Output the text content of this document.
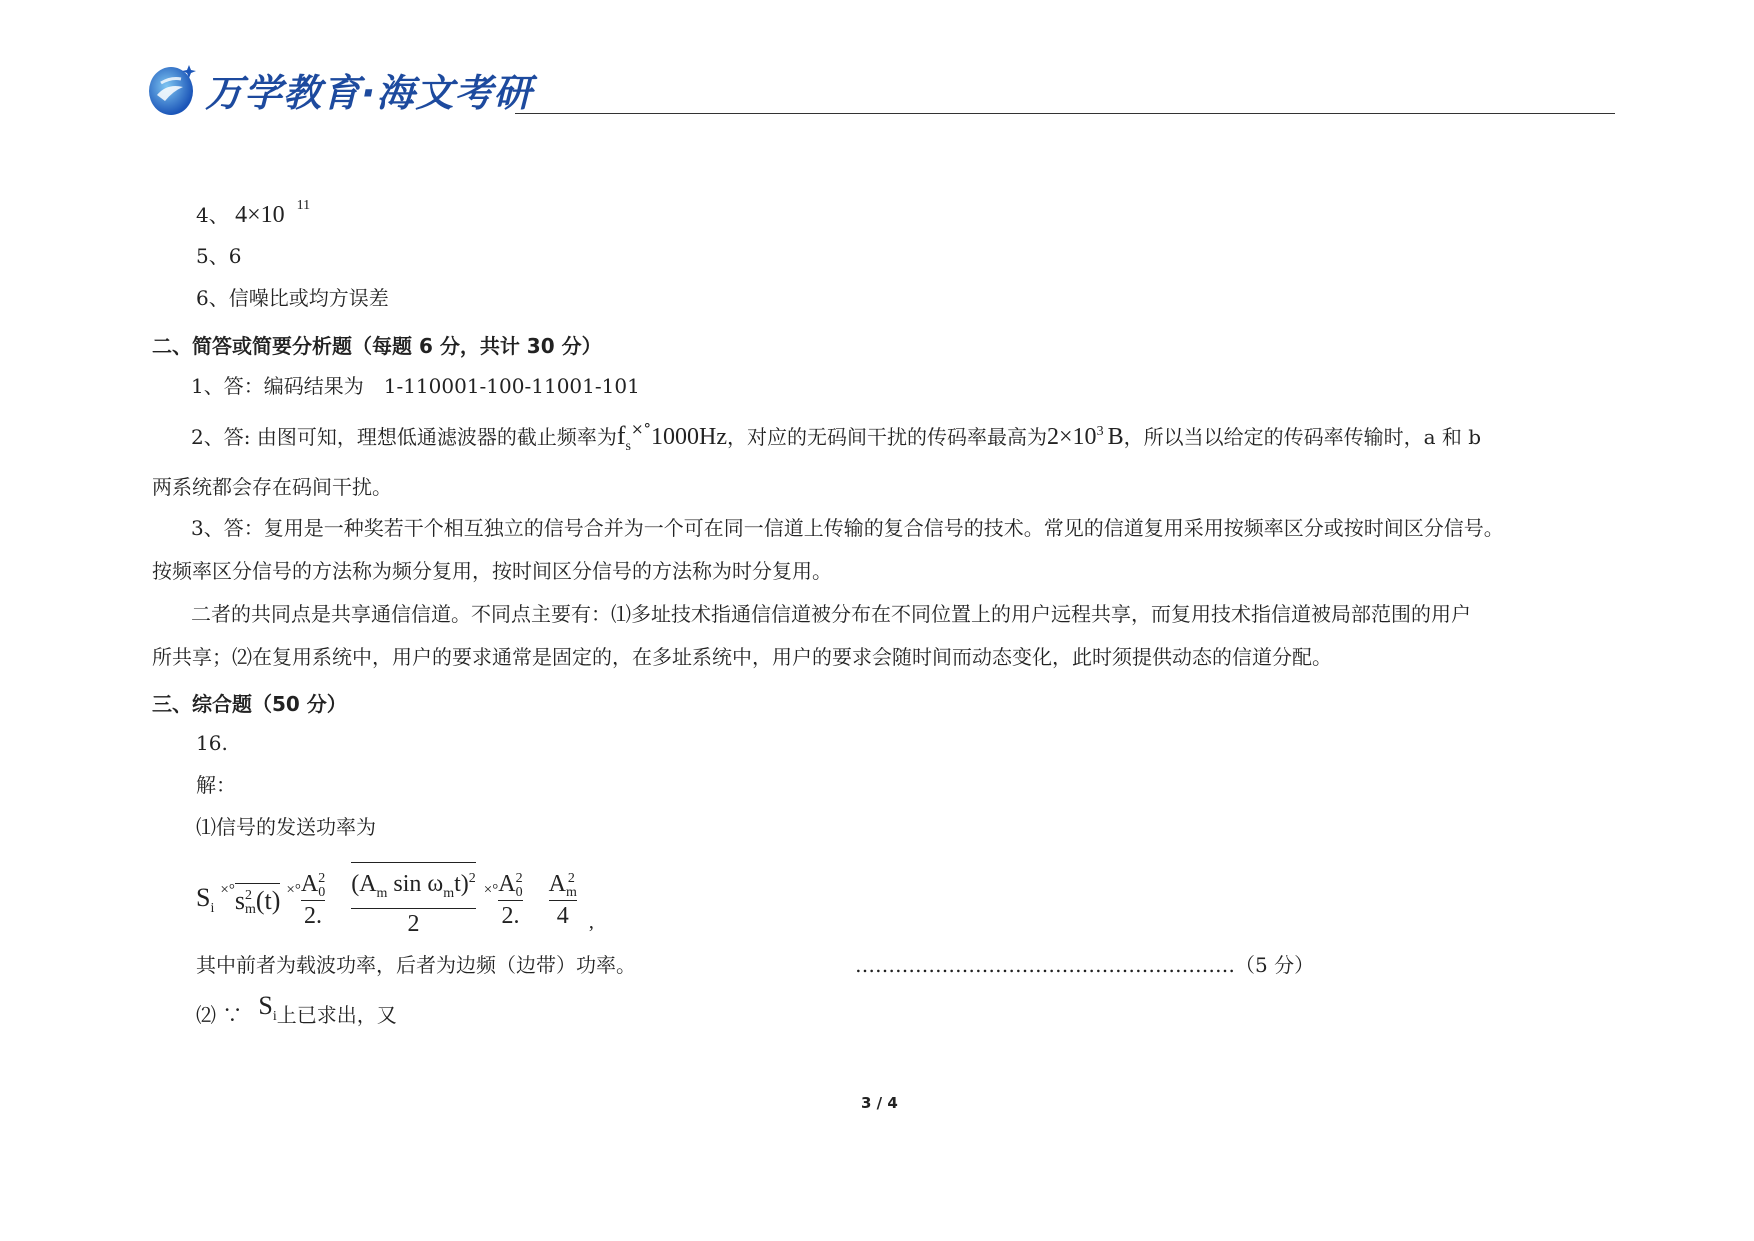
万学教育·海文考研
4、 4×10 $^{11}$
5、6
6、信噪比或均方误差
二、简答或简要分析题（每题 6 分，共计 30 分）
1、答：编码结果为　1-110001-100-11001-101
2、答: 由图可知，理想低通滤波器的截止频率为 $f_s$
×° 1000Hz ，对应的无码间干扰的传码率最高为 $2\times 10^3$ B ，所以当以给定的传码率传输时，a 和 b
两系统都会存在码间干扰。
3、答：复用是一种奖若干个相互独立的信号合并为一个可在同一信道上传输的复合信号的技术。常见的信道复用采用按频率区分或按时间区分信号。
按频率区分信号的方法称为频分复用，按时间区分信号的方法称为时分复用。
二者的共同点是共享通信信道。不同点主要有：⑴多址技术指通信信道被分布在不同位置上的用户远程共享，而复用技术指信道被局部范围的用户
所共享；⑵在复用系统中，用户的要求通常是固定的，在多址系统中，用户的要求会随时间而动态变化，此时须提供动态的信道分配。
三、综合题（50 分）
16.
解：
⑴信号的发送功率为
$S_i$
×° s 2
m (t) ×° A 2
0
2. $\frac{(A_m \sin \omega_mt)^2}{2}$ ×° A 2
0
2. A 2
m
4 ,
其中前者为载波功率，后者为边频（边带）功率。	…………………………………………………（5 分）
⑵ ∵ $S_i$ 上已求出，又
3 / 4
